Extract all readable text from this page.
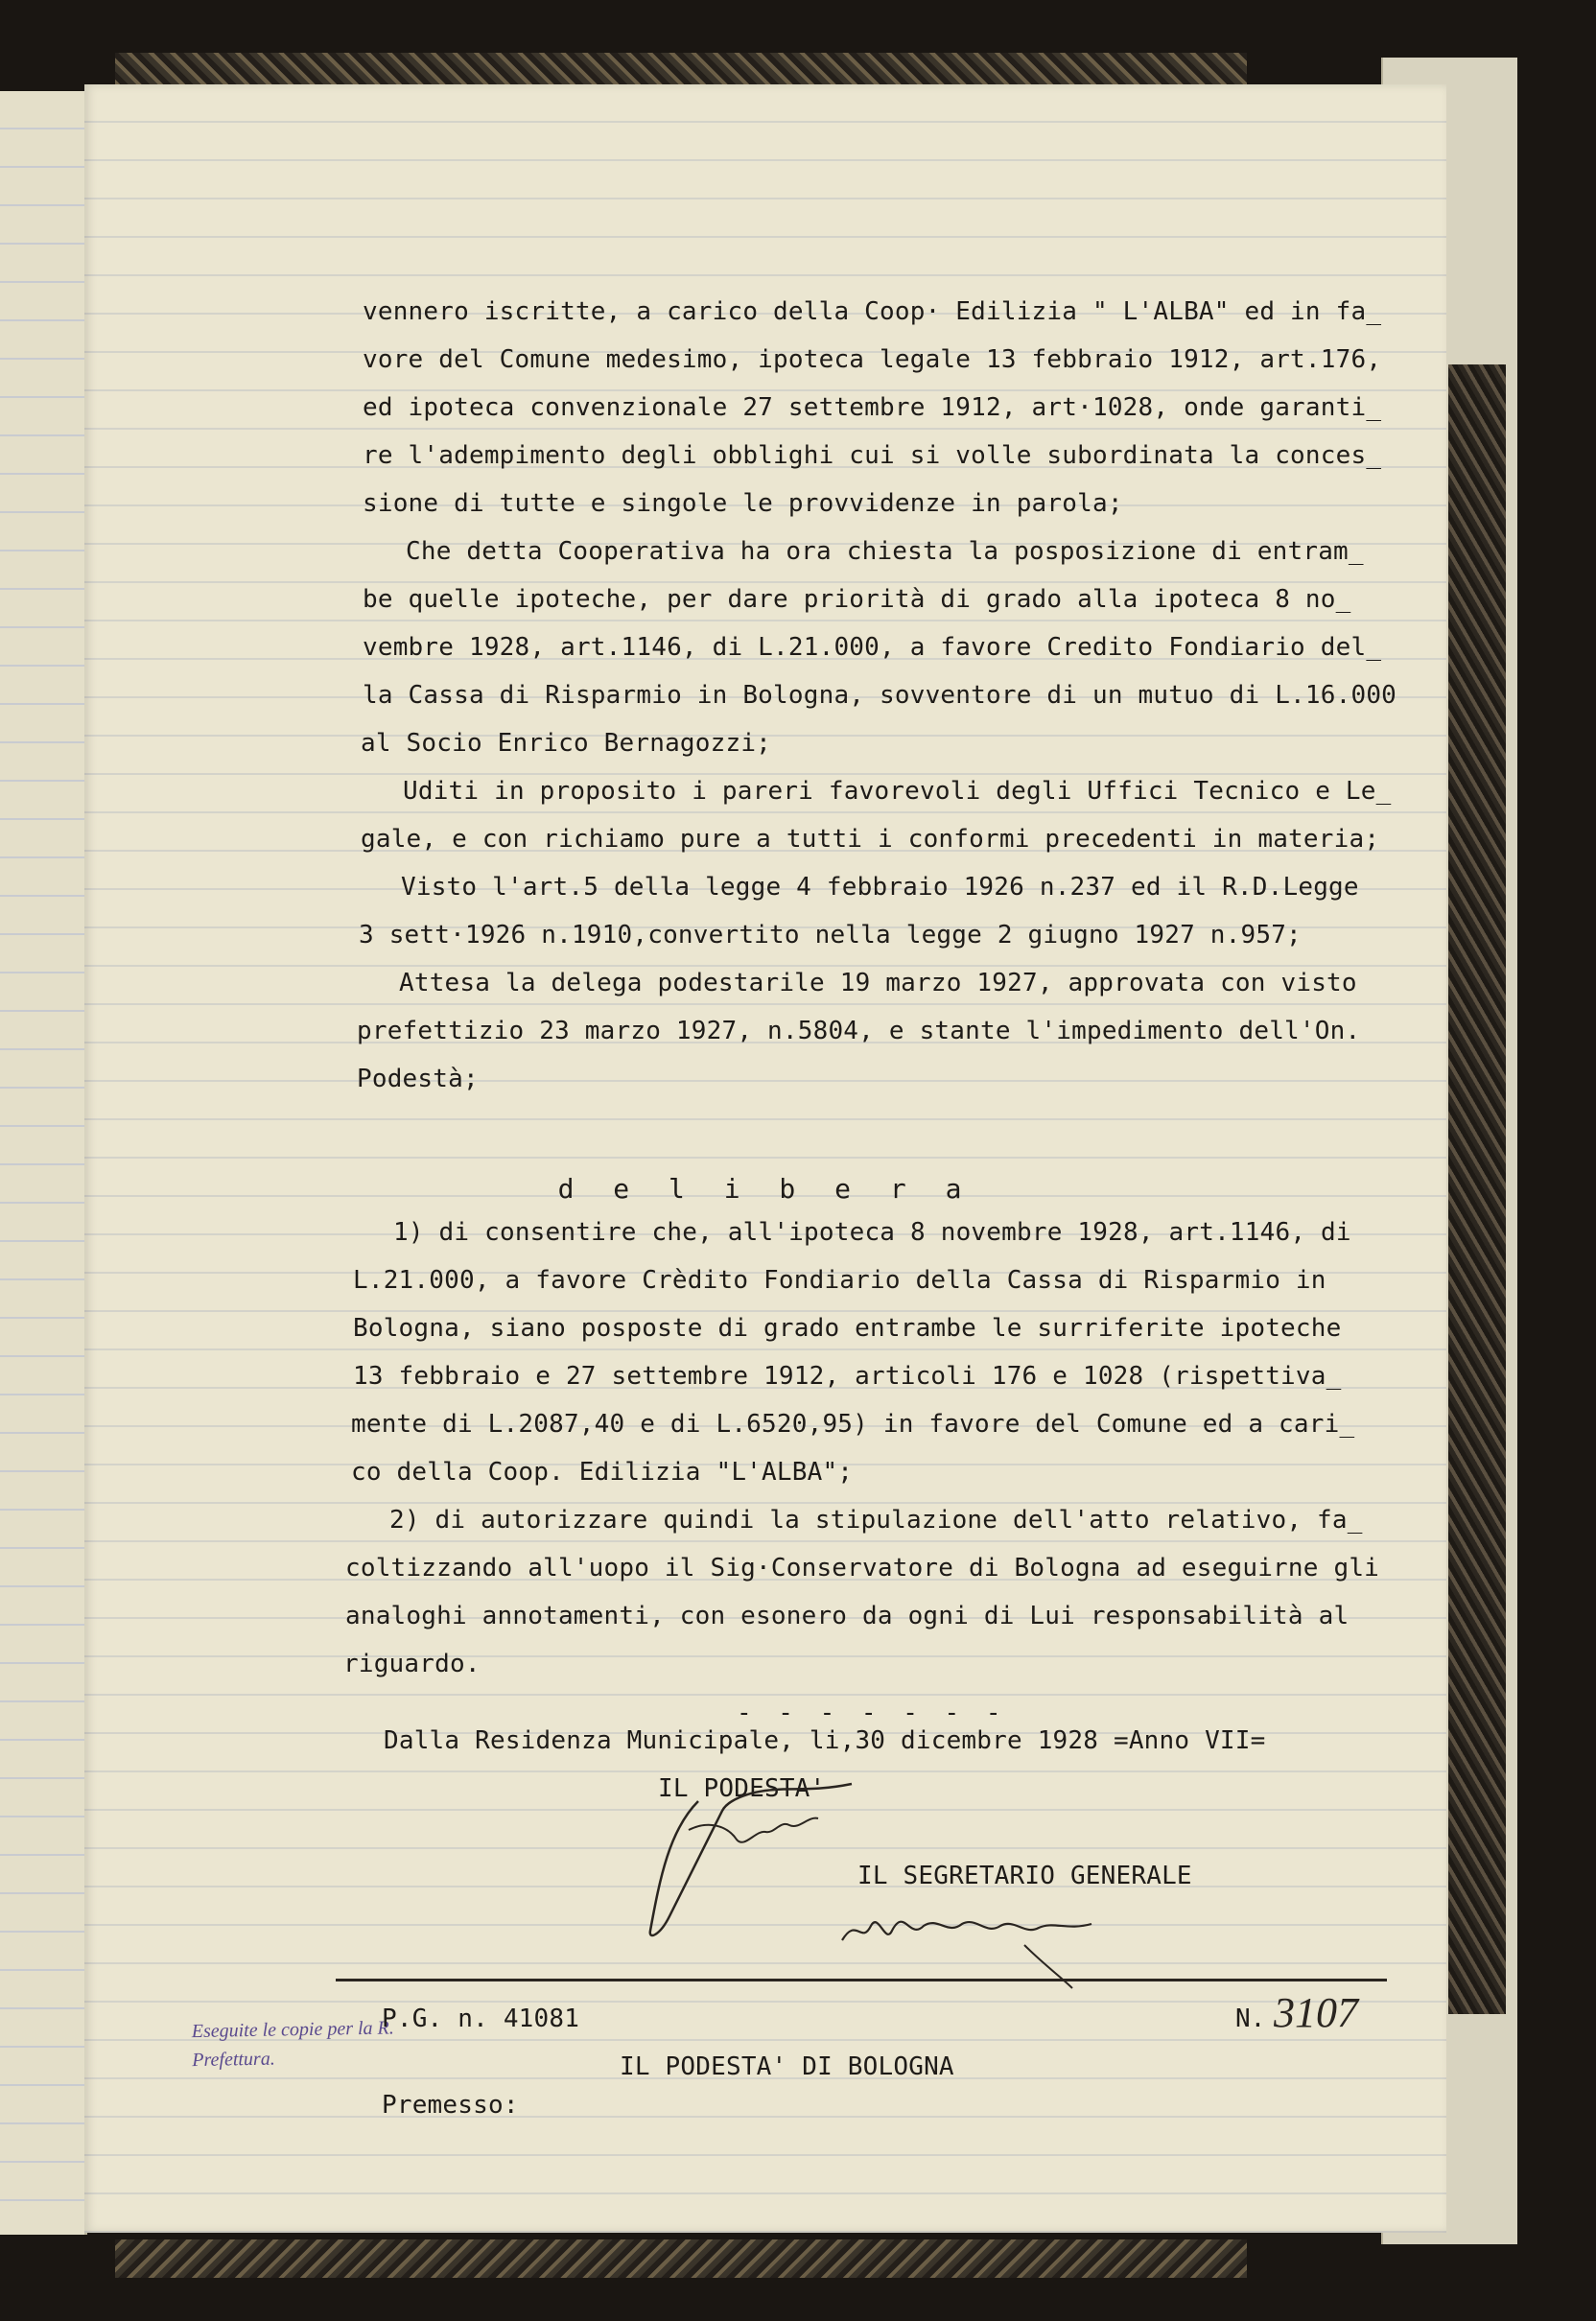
vennero iscritte, a carico della Coop· Edilizia " L'ALBA" ed in fa_

vore del Comune medesimo, ipoteca legale 13 febbraio 1912, art.176,

ed ipoteca convenzionale 27 settembre 1912, art·1028, onde garanti_

re l'adempimento degli obblighi cui si volle subordinata la conces_

sione di tutte e singole le provvidenze in parola;

Che detta Cooperativa ha ora chiesta la posposizione di entram_

be quelle ipoteche, per dare priorità di grado alla ipoteca 8 no_

vembre 1928, art.1146, di L.21.000, a favore Credito Fondiario del_

la Cassa di Risparmio in Bologna, sovventore di un mutuo di L.16.000

al Socio Enrico Bernagozzi;

Uditi in proposito i pareri favorevoli degli Uffici Tecnico e Le_

gale, e con richiamo pure a tutti i conformi precedenti in materia;

Visto l'art.5 della legge 4 febbraio 1926 n.237 ed il R.D.Legge

3 sett·1926 n.1910,convertito nella legge 2 giugno 1927 n.957;

Attesa la delega podestarile 19 marzo 1927, approvata con visto

prefettizio 23 marzo 1927, n.5804, e stante l'impedimento dell'On.

Podestà;

d e l i b e r a

1) di consentire che, all'ipoteca 8 novembre 1928, art.1146, di

L.21.000, a favore Crèdito Fondiario della Cassa di Risparmio in

Bologna, siano posposte di grado entrambe le surriferite ipoteche

13 febbraio e 27 settembre 1912, articoli 176 e 1028 (rispettiva_

mente di L.2087,40 e di L.6520,95) in favore del Comune ed a cari_

co della Coop. Edilizia "L'ALBA";

2) di autorizzare quindi la stipulazione dell'atto relativo, fa_

coltizzando all'uopo il Sig·Conservatore di Bologna ad eseguirne gli

analoghi annotamenti, con esonero da ogni di Lui responsabilità al

riguardo.

- - - - - - -

Dalla Residenza Municipale, li,30 dicembre 1928 =Anno VII=

IL PODESTA'

IL SEGRETARIO GENERALE

Eseguite le copie per la R. Prefettura.

P.G. n. 41081	N. 3107

IL PODESTA' DI BOLOGNA

Premesso:
